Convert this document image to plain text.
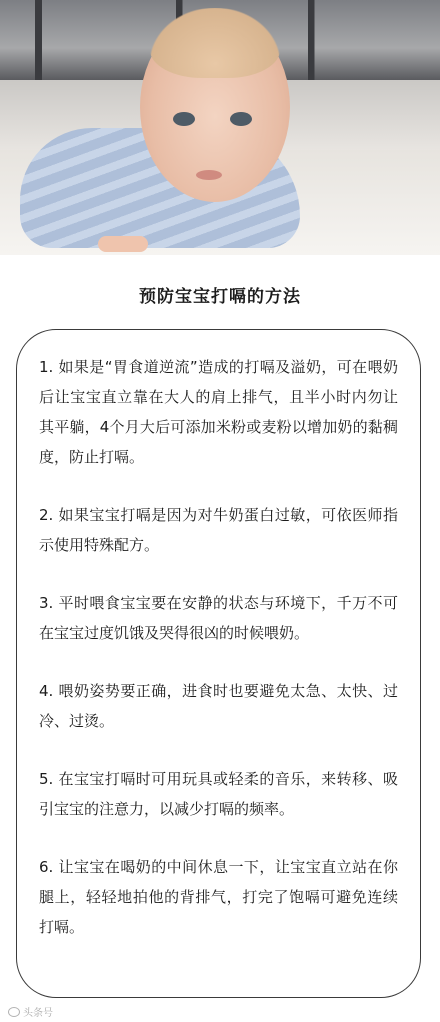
预防宝宝打嗝的方法

1. 如果是“胃食道逆流”造成的打嗝及溢奶，可在喂奶后让宝宝直立靠在大人的肩上排气，且半小时内勿让其平躺，4个月大后可添加米粉或麦粉以增加奶的黏稠度，防止打嗝。

2. 如果宝宝打嗝是因为对牛奶蛋白过敏，可依医师指示使用特殊配方。

3. 平时喂食宝宝要在安静的状态与环境下，千万不可在宝宝过度饥饿及哭得很凶的时候喂奶。

4. 喂奶姿势要正确，进食时也要避免太急、太快、过冷、过烫。

5. 在宝宝打嗝时可用玩具或轻柔的音乐，来转移、吸引宝宝的注意力，以减少打嗝的频率。

6. 让宝宝在喝奶的中间休息一下，让宝宝直立站在你腿上，轻轻地拍他的背排气，打完了饱嗝可避免连续打嗝。

头条号
